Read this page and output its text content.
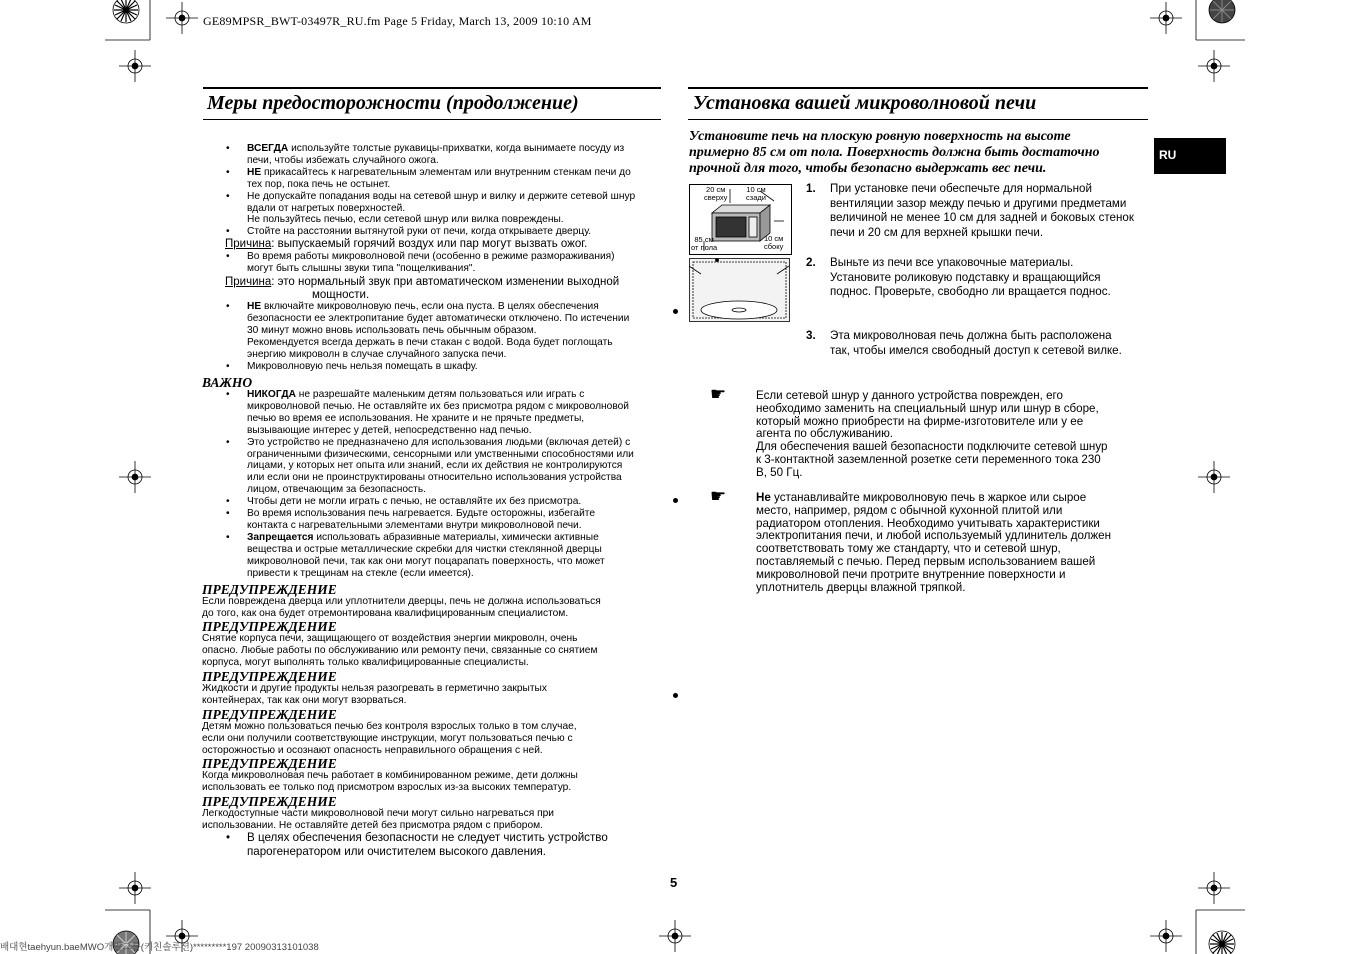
GE89MPSR_BWT-03497R_RU.fm Page 5 Friday, March 13, 2009 10:10 AM
Меры предосторожности (продолжение)
• ВСЕГДА используйте толстые рукавицы-прихватки, когда вынимаете посуду из
печи, чтобы избежать случайного ожога.
• НЕ прикасайтесь к нагревательным элементам или внутренним стенкам печи до
тех пор, пока печь не остынет.
• Не допускайте попадания воды на сетевой шнур и вилку и держите сетевой шнур
вдали от нагретых поверхностей.
Не пользуйтесь печью, если сетевой шнур или вилка повреждены.
• Стойте на расстоянии вытянутой руки от печи, когда открываете дверцу.
Причина: выпускаемый горячий воздух или пар могут вызвать ожог.
• Во время работы микроволновой печи (особенно в режиме размораживания)
могут быть слышны звуки типа "пощелкивания".
Причина: это нормальный звук при автоматическом изменении выходной
мощности.
• НЕ включайте микроволновую печь, если она пуста. В целях обеспечения
безопасности ее электропитание будет автоматически отключено. По истечении
30 минут можно вновь использовать печь обычным образом.
Рекомендуется всегда держать в печи стакан с водой. Вода будет поглощать
энергию микроволн в случае случайного запуска печи.
• Микроволновую печь нельзя помещать в шкафу.
ВАЖНО
• НИКОГДА не разрешайте маленьким детям пользоваться или играть с
микроволновой печью. Не оставляйте их без присмотра рядом с микроволновой
печью во время ее использования. Не храните и не прячьте предметы,
вызывающие интерес у детей, непосредственно над печью.
• Это устройство не предназначено для использования людьми (включая детей) с
ограниченными физическими, сенсорными или умственными способностями или
лицами, у которых нет опыта или знаний, если их действия не контролируются
или если они не проинструктированы относительно использования устройства
лицом, отвечающим за безопасность.
• Чтобы дети не могли играть с печью, не оставляйте их без присмотра.
• Во время использования печь нагревается. Будьте осторожны, избегайте
контакта с нагревательными элементами внутри микроволновой печи.
• Запрещается использовать абразивные материалы, химически активные
вещества и острые металлические скребки для чистки стеклянной дверцы
микроволновой печи, так как они могут поцарапать поверхность, что может
привести к трещинам на стекле (если имеется).

ПРЕДУПРЕЖДЕНИЕ

Если повреждена дверца или уплотнители дверцы, печь не должна использоваться
до того, как она будет отремонтирована квалифицированным специалистом.

ПРЕДУПРЕЖДЕНИЕ

Снятие корпуса печи, защищающего от воздействия энергии микроволн, очень
опасно. Любые работы по обслуживанию или ремонту печи, связанные со снятием
корпуса, могут выполнять только квалифицированные специалисты.

ПРЕДУПРЕЖДЕНИЕ

Жидкости и другие продукты нельзя разогревать в герметично закрытых
контейнерах, так как они могут взорваться.

ПРЕДУПРЕЖДЕНИЕ

Детям можно пользоваться печью без контроля взрослых только в том случае,
если они получили соответствующие инструкции, могут пользоваться печью с
осторожностью и осознают опасность неправильного обращения с ней.

ПРЕДУПРЕЖДЕНИЕ

Когда микроволновая печь работает в комбинированном режиме, дети должны
использовать ее только под присмотром взрослых из-за высоких температур.

ПРЕДУПРЕЖДЕНИЕ

Легкодоступные части микроволновой печи могут сильно нагреваться при
использовании. Не оставляйте детей без присмотра рядом с прибором.

• В целях обеспечения безопасности не следует чистить устройство
парогенератором или очистителем высокого давления.
5
Установка вашей микроволновой печи
RU
Установите печь на плоскую ровную поверхность на высоте
примерно 85 см от пола. Поверхность должна быть достаточно
прочной для того, чтобы безопасно выдержать вес печи.
20 см
сверху
10 см
сзади
85 см
от пола
10 см
сбоку
1.	При установке печи обеспечьте для нормальной
вентиляции зазор между печью и другими предметами
величиной не менее 10 см для задней и боковых стенок
печи и 20 см для верхней крышки печи.
2.	Выньте из печи все упаковочные материалы.
Установите роликовую подставку и вращающийся
поднос. Проверьте, свободно ли вращается поднос.
3.	Эта микроволновая печь должна быть расположена
так, чтобы имелся свободный доступ к сетевой вилке.
☛	Если сетевой шнур у данного устройства поврежден, его
необходимо заменить на специальный шнур или шнур в сборе,
который можно приобрести на фирме-изготовителе или у ее
агента по обслуживанию.
Для обеспечения вашей безопасности подключите сетевой шнур
к 3-контактной заземленной розетке сети переменного тока 230
В, 50 Гц.
☛	Не устанавливайте микроволновую печь в жаркое или сырое
место, например, рядом с обычной кухонной плитой или
радиатором отопления. Необходимо учитывать характеристики
электропитания печи, и любой используемый удлинитель должен
соответствовать тому же стандарту, что и сетевой шнур,
поставляемый с печью. Перед первым использованием вашей
микроволновой печи протрите внутренние поверхности и
уплотнитель дверцы влажной тряпкой.
배대현taehyun.baeMWO개발그룹(키친솔루션)*********197 20090313101038
